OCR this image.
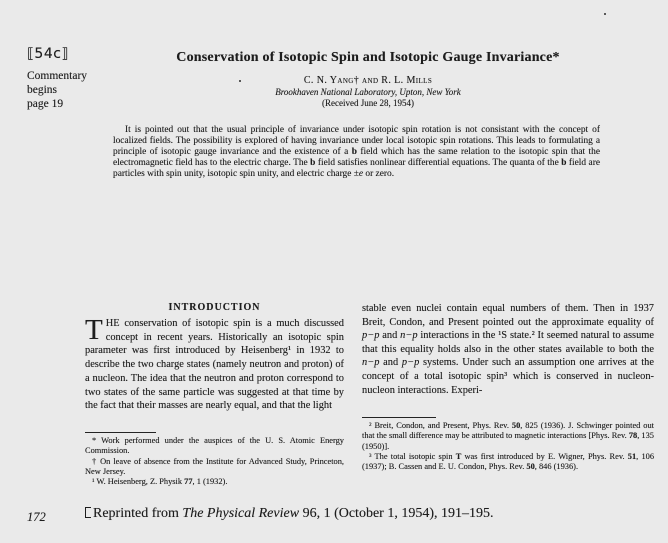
⟦54c⟧
Commentary
begins
page 19
Conservation of Isotopic Spin and Isotopic Gauge Invariance*
C. N. Yang† and R. L. Mills
Brookhaven National Laboratory, Upton, New York
(Received June 28, 1954)
It is pointed out that the usual principle of invariance under isotopic spin rotation is not consistant with the concept of localized fields. The possibility is explored of having invariance under local isotopic spin rotations. This leads to formulating a principle of isotopic gauge invariance and the existence of a b field which has the same relation to the isotopic spin that the electromagnetic field has to the electric charge. The b field satisfies nonlinear differential equations. The quanta of the b field are particles with spin unity, isotopic spin unity, and electric charge ±e or zero.
INTRODUCTION
THE conservation of isotopic spin is a much discussed concept in recent years. Historically an isotopic spin parameter was first introduced by Heisenberg¹ in 1932 to describe the two charge states (namely neutron and proton) of a nucleon. The idea that the neutron and proton correspond to two states of the same particle was suggested at that time by the fact that their masses are nearly equal, and that the light
* Work performed under the auspices of the U. S. Atomic Energy Commission.
† On leave of absence from the Institute for Advanced Study, Princeton, New Jersey.
¹ W. Heisenberg, Z. Physik 77, 1 (1932).
stable even nuclei contain equal numbers of them. Then in 1937 Breit, Condon, and Present pointed out the approximate equality of p−p and n−p interactions in the ¹S state.² It seemed natural to assume that this equality holds also in the other states available to both the n−p and p−p systems. Under such an assumption one arrives at the concept of a total isotopic spin³ which is conserved in nucleon-nucleon interactions. Experi-
² Breit, Condon, and Present, Phys. Rev. 50, 825 (1936). J. Schwinger pointed out that the small difference may be attributed to magnetic interactions [Phys. Rev. 78, 135 (1950)].
³ The total isotopic spin T was first introduced by E. Wigner, Phys. Rev. 51, 106 (1937); B. Cassen and E. U. Condon, Phys. Rev. 50, 846 (1936).
172	Reprinted from The Physical Review 96, 1 (October 1, 1954), 191–195.
